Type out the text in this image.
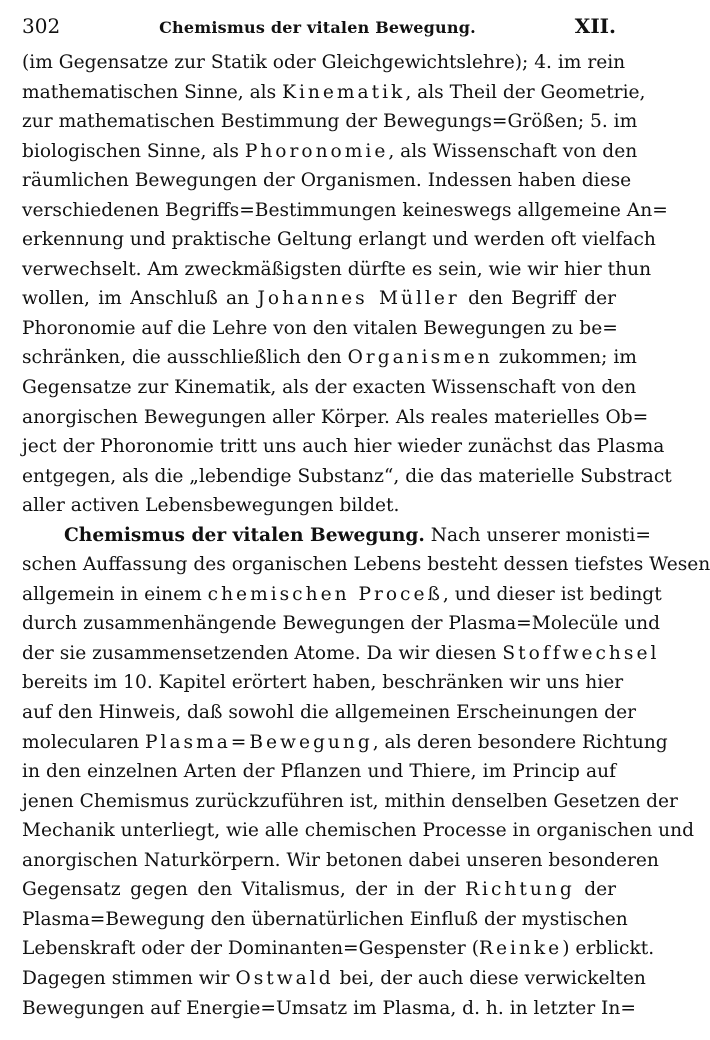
302	Chemismus der vitalen Bewegung.	XII.
(im Gegensatze zur Statik oder Gleichgewichtslehre); 4. im rein
mathematischen Sinne, als Kinematik, als Theil der Geometrie,
zur mathematischen Bestimmung der Bewegungs=Größen; 5. im
biologischen Sinne, als Phoronomie, als Wissenschaft von den
räumlichen Bewegungen der Organismen. Indessen haben diese
verschiedenen Begriffs=Bestimmungen keineswegs allgemeine An=
erkennung und praktische Geltung erlangt und werden oft vielfach
verwechselt. Am zweckmäßigsten dürfte es sein, wie wir hier thun
wollen, im Anschluß an Johannes Müller den Begriff der
Phoronomie auf die Lehre von den vitalen Bewegungen zu be=
schränken, die ausschließlich den Organismen zukommen; im
Gegensatze zur Kinematik, als der exacten Wissenschaft von den
anorgischen Bewegungen aller Körper. Als reales materielles Ob=
ject der Phoronomie tritt uns auch hier wieder zunächst das Plasma
entgegen, als die „lebendige Substanz“, die das materielle Substract
aller activen Lebensbewegungen bildet.
Chemismus der vitalen Bewegung. Nach unserer monisti=
schen Auffassung des organischen Lebens besteht dessen tiefstes Wesen
allgemein in einem chemischen Proceß, und dieser ist bedingt
durch zusammenhängende Bewegungen der Plasma=Molecüle und
der sie zusammensetzenden Atome. Da wir diesen Stoffwechsel
bereits im 10. Kapitel erörtert haben, beschränken wir uns hier
auf den Hinweis, daß sowohl die allgemeinen Erscheinungen der
molecularen Plasma=Bewegung, als deren besondere Richtung
in den einzelnen Arten der Pflanzen und Thiere, im Princip auf
jenen Chemismus zurückzuführen ist, mithin denselben Gesetzen der
Mechanik unterliegt, wie alle chemischen Processe in organischen und
anorgischen Naturkörpern. Wir betonen dabei unseren besonderen
Gegensatz gegen den Vitalismus, der in der Richtung der
Plasma=Bewegung den übernatürlichen Einfluß der mystischen
Lebenskraft oder der Dominanten=Gespenster (Reinke) erblickt.
Dagegen stimmen wir Ostwald bei, der auch diese verwickelten
Bewegungen auf Energie=Umsatz im Plasma, d. h. in letzter In=
